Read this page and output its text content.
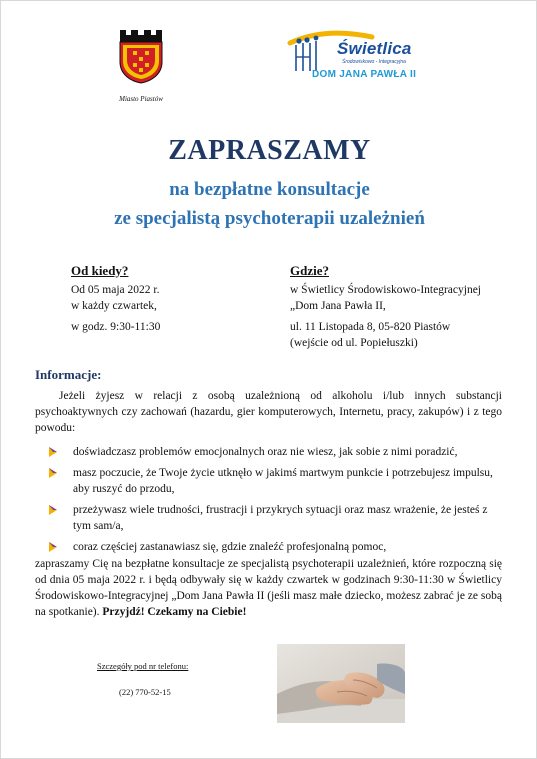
Miasto Piastów
Świetlica
Środowiskowo - Integracyjna
DOM JANA PAWŁA II
ZAPRASZAMY
na bezpłatne konsultacje
ze specjalistą psychoterapii uzależnień
Od kiedy?
Od 05 maja 2022 r.
w każdy czwartek,
w godz. 9:30-11:30
Gdzie?
w Świetlicy Środowiskowo-Integracyjnej
„Dom Jana Pawła II,
ul. 11 Listopada 8, 05-820 Piastów
(wejście od ul. Popiełuszki)
Informacje:
Jeżeli żyjesz w relacji z osobą uzależnioną od alkoholu i/lub innych substancji psychoaktywnych czy zachowań (hazardu, gier komputerowych, Internetu, pracy, zakupów) i z tego powodu:
doświadczasz problemów emocjonalnych oraz nie wiesz, jak sobie z nimi poradzić,
masz poczucie, że Twoje życie utknęło w jakimś martwym punkcie i potrzebujesz impulsu, aby ruszyć do przodu,
przeżywasz wiele trudności, frustracji i przykrych sytuacji oraz masz wrażenie, że jesteś z tym sam/a,
coraz częściej zastanawiasz się, gdzie znaleźć profesjonalną pomoc,
zapraszamy Cię na bezpłatne konsultacje ze specjalistą psychoterapii uzależnień, które rozpoczną się od dnia 05 maja 2022 r. i będą odbywały się w każdy czwartek w godzinach 9:30-11:30 w Świetlicy Środowiskowo-Integracyjnej „Dom Jana Pawła II (jeśli masz małe dziecko, możesz zabrać je ze sobą na spotkanie). Przyjdź! Czekamy na Ciebie!
Szczegóły pod nr telefonu:
(22) 770-52-15
